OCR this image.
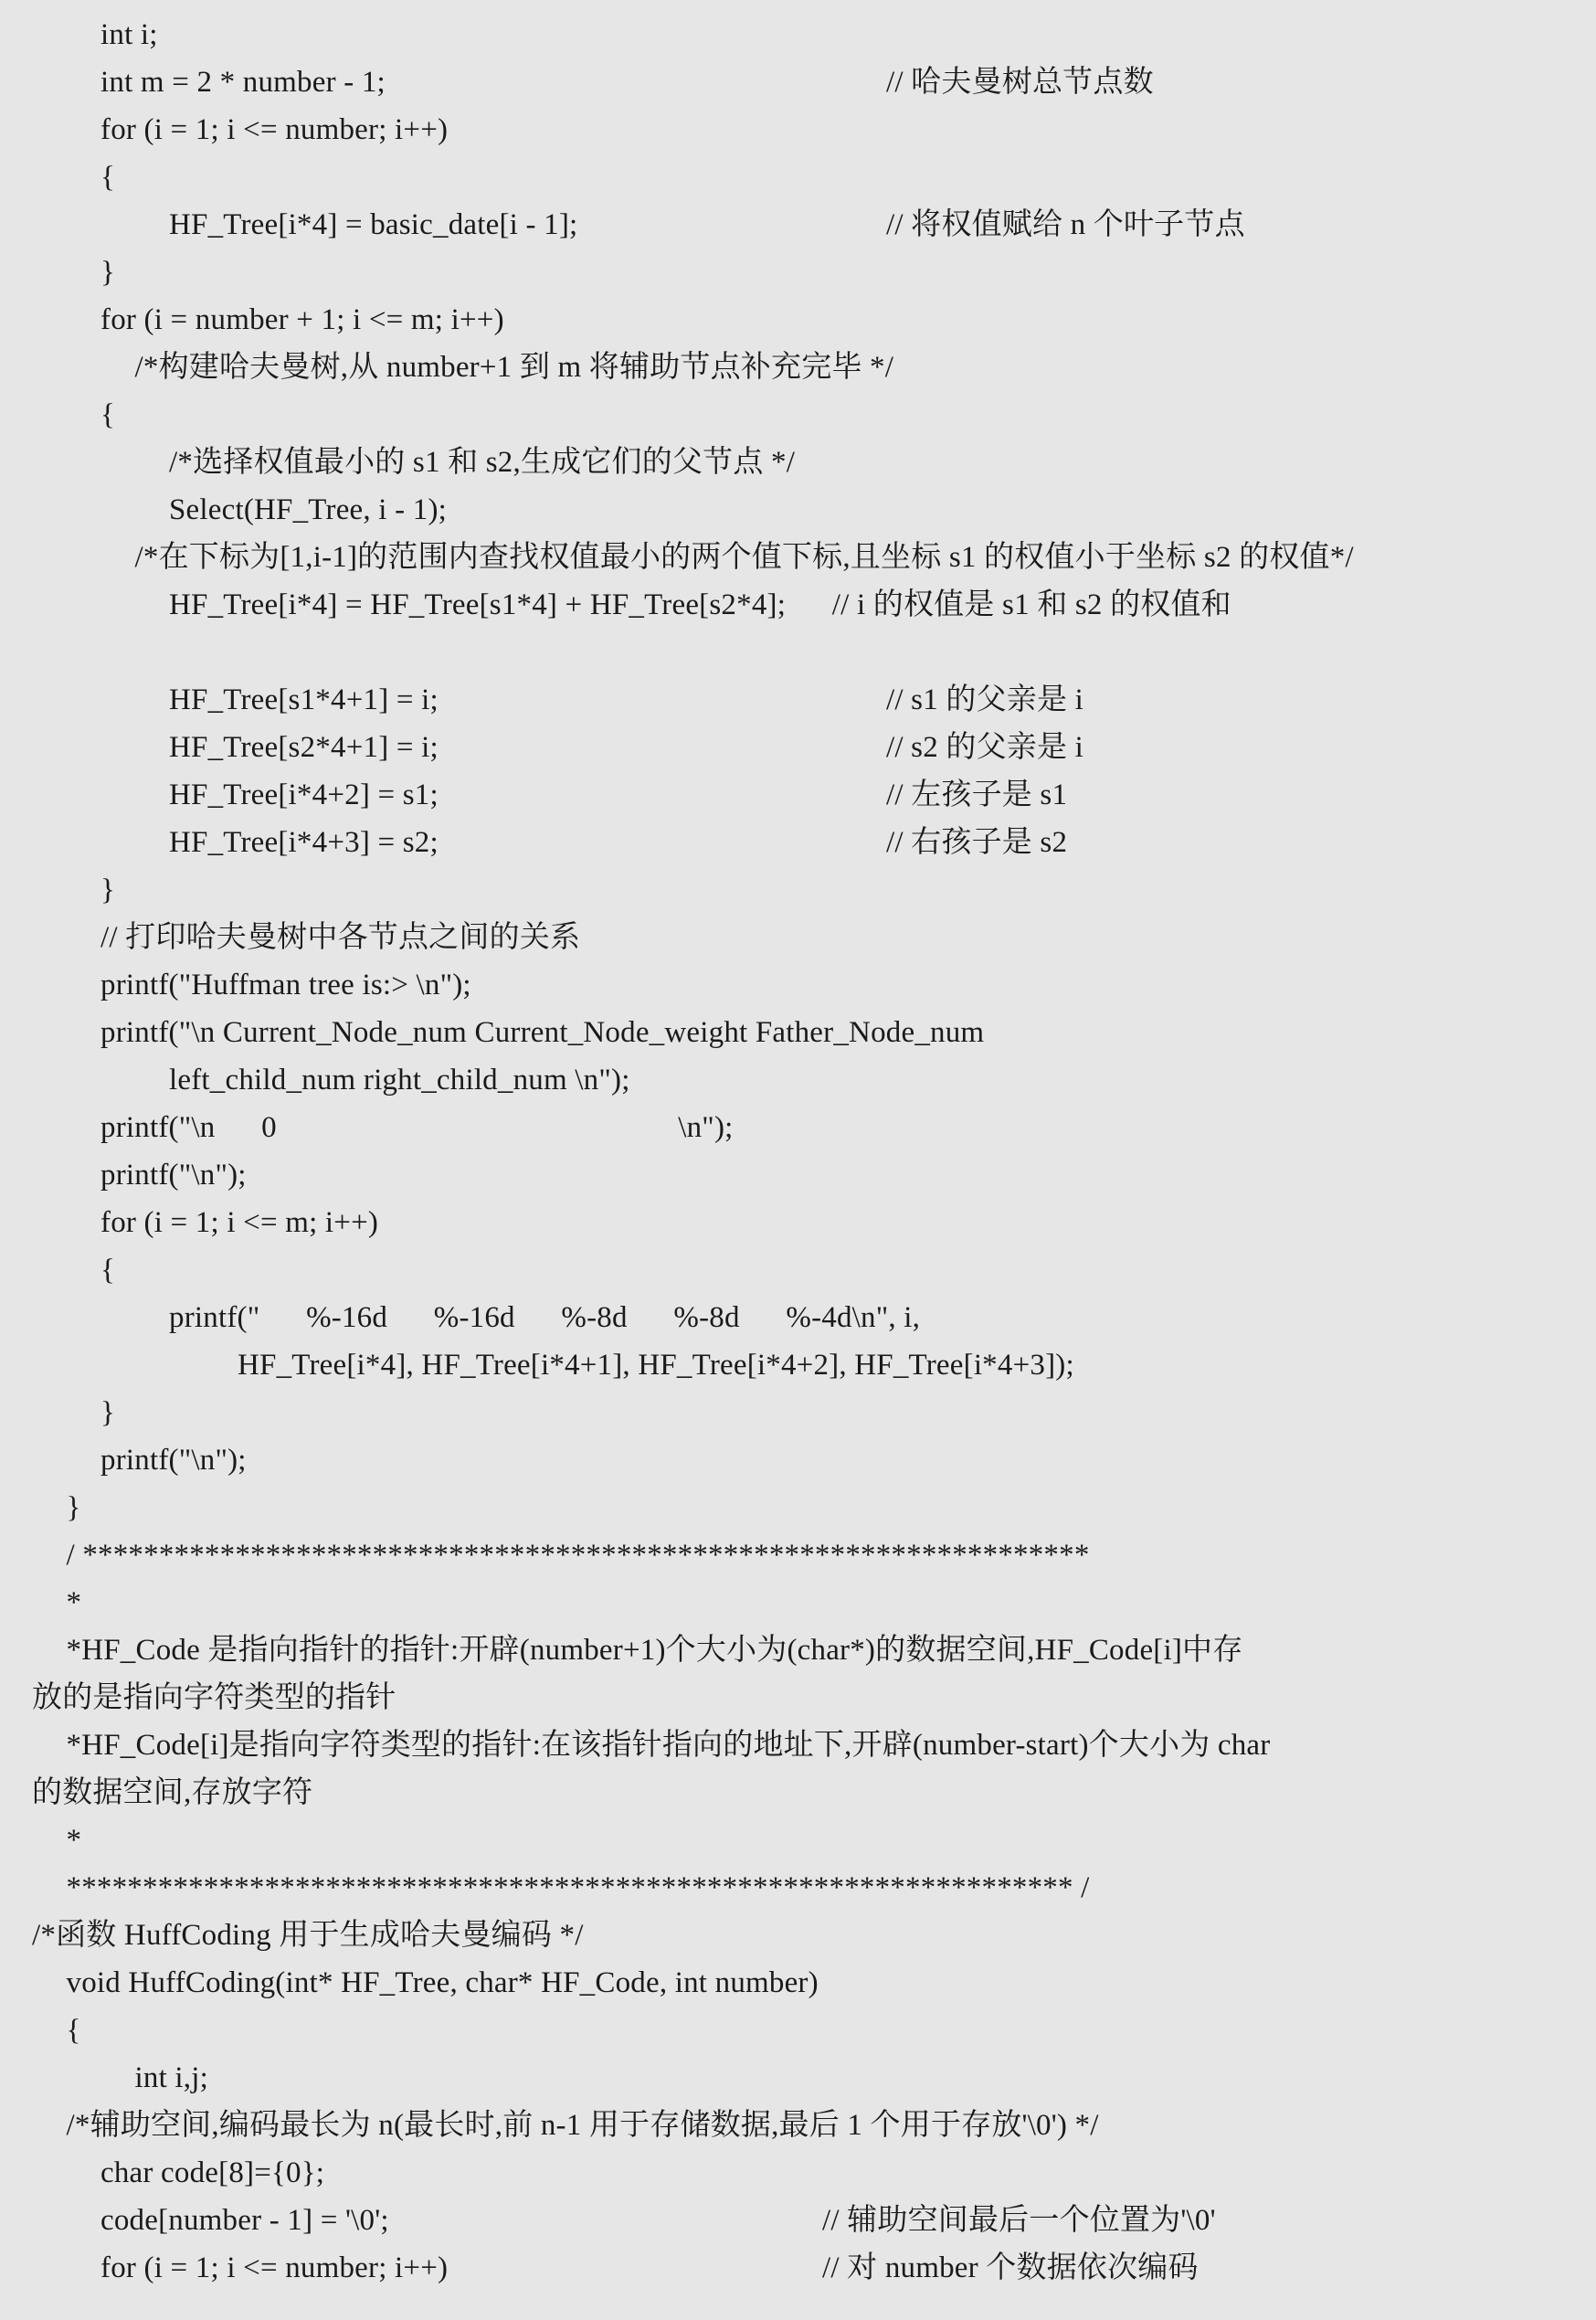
int i;
int m = 2 * number - 1;	// 哈夫曼树总节点数
for (i = 1; i <= number; i++)
{
HF_Tree[i*4] = basic_date[i - 1];	// 将权值赋给 n 个叶子节点
}
for (i = number + 1; i <= m; i++)
/*构建哈夫曼树,从 number+1 到 m 将辅助节点补充完毕 */
{
/*选择权值最小的 s1 和 s2,生成它们的父节点 */
Select(HF_Tree, i - 1);
/*在下标为[1,i-1]的范围内查找权值最小的两个值下标,且坐标 s1 的权值小于坐标 s2 的权值*/
HF_Tree[i*4] = HF_Tree[s1*4] + HF_Tree[s2*4];      // i 的权值是 s1 和 s2 的权值和
HF_Tree[s1*4+1] = i;	// s1 的父亲是 i
HF_Tree[s2*4+1] = i;	// s2 的父亲是 i
HF_Tree[i*4+2] = s1;	// 左孩子是 s1
HF_Tree[i*4+3] = s2;	// 右孩子是 s2
}
// 打印哈夫曼树中各节点之间的关系
printf("Huffman tree is:> \n");
printf("\n Current_Node_num Current_Node_weight Father_Node_num
left_child_num right_child_num \n");
printf("\n      0                                                    \n");
printf("\n");
for (i = 1; i <= m; i++)
{
printf("      %-16d      %-16d      %-8d      %-8d      %-4d\n", i,
HF_Tree[i*4], HF_Tree[i*4+1], HF_Tree[i*4+2], HF_Tree[i*4+3]);
}
printf("\n");
}
/ ******************************************************************
*
*HF_Code 是指向指针的指针:开辟(number+1)个大小为(char*)的数据空间,HF_Code[i]中存
放的是指向字符类型的指针
*HF_Code[i]是指向字符类型的指针:在该指针指向的地址下,开辟(number-start)个大小为 char
的数据空间,存放字符
*
****************************************************************** /
/*函数 HuffCoding 用于生成哈夫曼编码 */
void HuffCoding(int* HF_Tree, char* HF_Code, int number)
{
int i,j;
/*辅助空间,编码最长为 n(最长时,前 n-1 用于存储数据,最后 1 个用于存放'\0') */
char code[8]={0};
code[number - 1] = '\0';	// 辅助空间最后一个位置为'\0'
for (i = 1; i <= number; i++)	// 对 number 个数据依次编码
